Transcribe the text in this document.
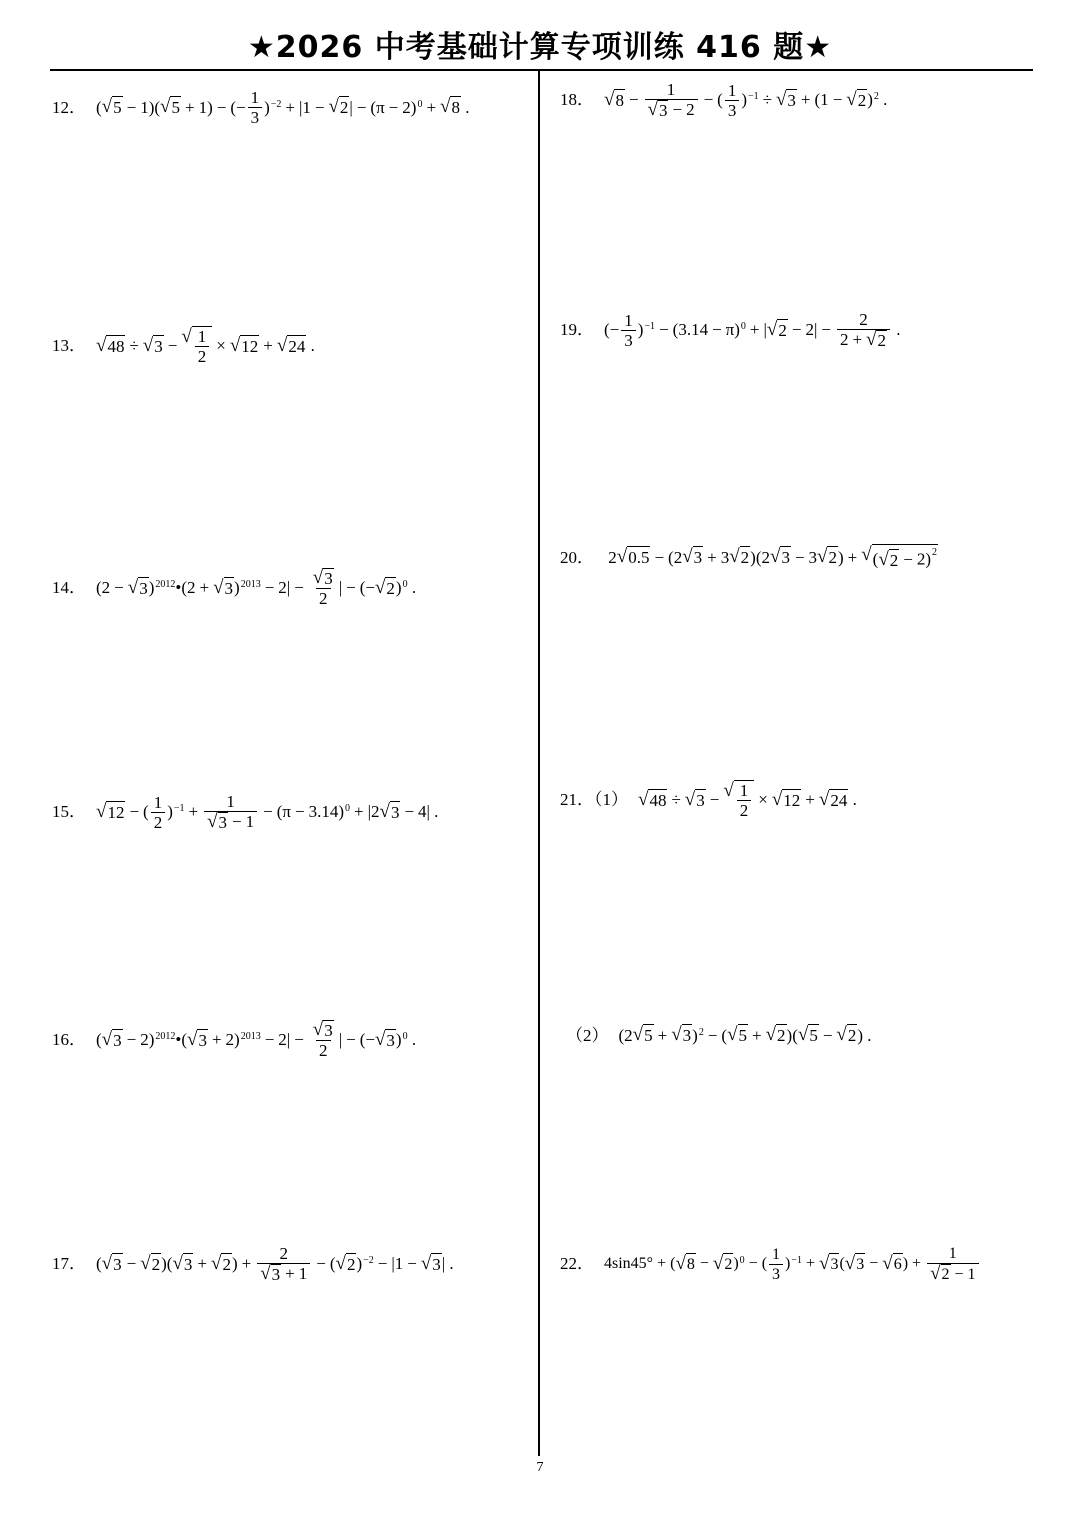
★2026 中考基础计算专项训练 416 题★
12． ( √ 5 − 1)( √ 5 + 1) − (− $\frac{1}{3} )^{-2} + |1$ − √ 2 | − $(\pi - 2)^0$ + √ 8 .
13． √ 48 ÷ √ 3 − √ $\frac{1}{2}$ × √ 12 + √ 24 .
14． (2 − √ 3 )$^{2012}$ •(2 + √ 3 )$^{2013} - 2| - \frac{√ 3}{2}$ | − (− √ 2 )$^0$ .
15． √ 12 − ( $\frac{1}{2} )^{-1} + \frac{1}{√ 3 - 1} - (\pi - 3.14)^0 + |2$ √ 3 − 4| .
16． ( √ 3 − 2)$^{2012}$ •( √ $3 + 2)^{2013} - 2| - \frac{√ 3}{2}$ | − (− √ 3 )$^0$ .
17． ( √ 3 − √ 2 )( √ 3 + √ 2 ) + $\frac{2}{√ 3 + 1}$ − ( √ 2 )$^{-2}$ − |1 − √ 3 | .
18． √ $8 - \frac{1}{√ 3 - 2}$ − ( $\frac{1}{3} )^{-1}$ ÷ √ 3 + (1 − √ 2 )$^2$ .
19． (− $\frac{1}{3} )^{-1} - (3.14 - \pi)^0$ + | √ $2 - 2| - \frac{2}{2 + √ 2}$ .
20． 2 √ 0.5 − (2 √ 3 + 3 √ 2 )(2 √ 3 − 3 √ 2 ) + √ ( √ 2 − 2)$^2$
21．（1） √ 48 ÷ √ 3 − √ $\frac{1}{2}$ × √ 12 + √ 24 .
（2） (2 √ 5 + √ 3 )$^2$ − ( √ 5 + √ 2 )( √ 5 − √ 2 ) .
22． 4sin45° + ( √ 8 − √ 2 )$^0$ − ( $\frac{1}{3} )^{-1}$ + √ 3 ( √ 3 − √ 6 ) + $\frac{1}{√ 2 - 1}$
7
